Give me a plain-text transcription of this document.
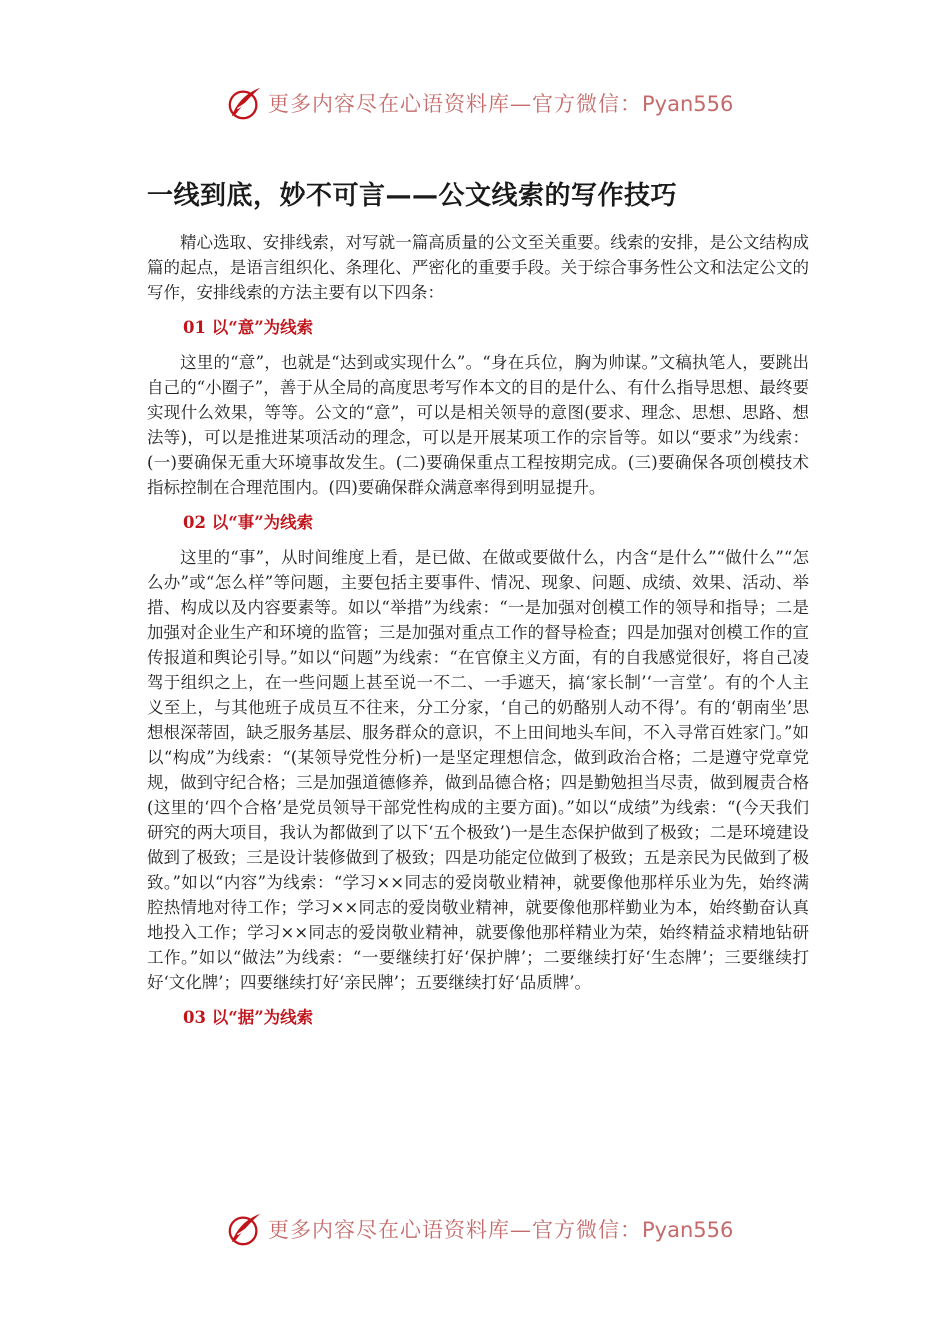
更多内容尽在心语资料库—官方微信：Pyan556
一线到底，妙不可言——公文线索的写作技巧

精心选取、安排线索，对写就一篇高质量的公文至关重要。线索的安排，是公文结构成篇的起点，是语言组织化、条理化、严密化的重要手段。关于综合事务性公文和法定公文的写作，安排线索的方法主要有以下四条：

01 以“意”为线索

这里的“意”，也就是“达到或实现什么”。“身在兵位，胸为帅谋。”文稿执笔人，要跳出自己的“小圈子”，善于从全局的高度思考写作本文的目的是什么、有什么指导思想、最终要实现什么效果，等等。公文的“意”，可以是相关领导的意图(要求、理念、思想、思路、想法等)，可以是推进某项活动的理念，可以是开展某项工作的宗旨等。如以“要求”为线索：(一)要确保无重大环境事故发生。(二)要确保重点工程按期完成。(三)要确保各项创模技术指标控制在合理范围内。(四)要确保群众满意率得到明显提升。

02 以“事”为线索

这里的“事”，从时间维度上看，是已做、在做或要做什么，内含“是什么”“做什么”“怎么办”或“怎么样”等问题，主要包括主要事件、情况、现象、问题、成绩、效果、活动、举措、构成以及内容要素等。如以“举措”为线索：“一是加强对创模工作的领导和指导；二是加强对企业生产和环境的监管；三是加强对重点工作的督导检查；四是加强对创模工作的宣传报道和舆论引导。”如以“问题”为线索：“在官僚主义方面，有的自我感觉很好，将自己凌驾于组织之上，在一些问题上甚至说一不二、一手遮天，搞‘家长制’‘一言堂’。有的个人主义至上，与其他班子成员互不往来，分工分家，‘自己的奶酪别人动不得’。有的‘朝南坐’思想根深蒂固，缺乏服务基层、服务群众的意识，不上田间地头车间，不入寻常百姓家门。”如以“构成”为线索：“(某领导党性分析)一是坚定理想信念，做到政治合格；二是遵守党章党规，做到守纪合格；三是加强道德修养，做到品德合格；四是勤勉担当尽责，做到履责合格(这里的‘四个合格’是党员领导干部党性构成的主要方面)。”如以“成绩”为线索：“(今天我们研究的两大项目，我认为都做到了以下‘五个极致’)一是生态保护做到了极致；二是环境建设做到了极致；三是设计装修做到了极致；四是功能定位做到了极致；五是亲民为民做到了极致。”如以“内容”为线索：“学习××同志的爱岗敬业精神，就要像他那样乐业为先，始终满腔热情地对待工作；学习××同志的爱岗敬业精神，就要像他那样勤业为本，始终勤奋认真地投入工作；学习××同志的爱岗敬业精神，就要像他那样精业为荣，始终精益求精地钻研工作。”如以“做法”为线索：“一要继续打好‘保护牌’；二要继续打好‘生态牌’；三要继续打好‘文化牌’；四要继续打好‘亲民牌’；五要继续打好‘品质牌’。

03 以“据”为线索
更多内容尽在心语资料库—官方微信：Pyan556
